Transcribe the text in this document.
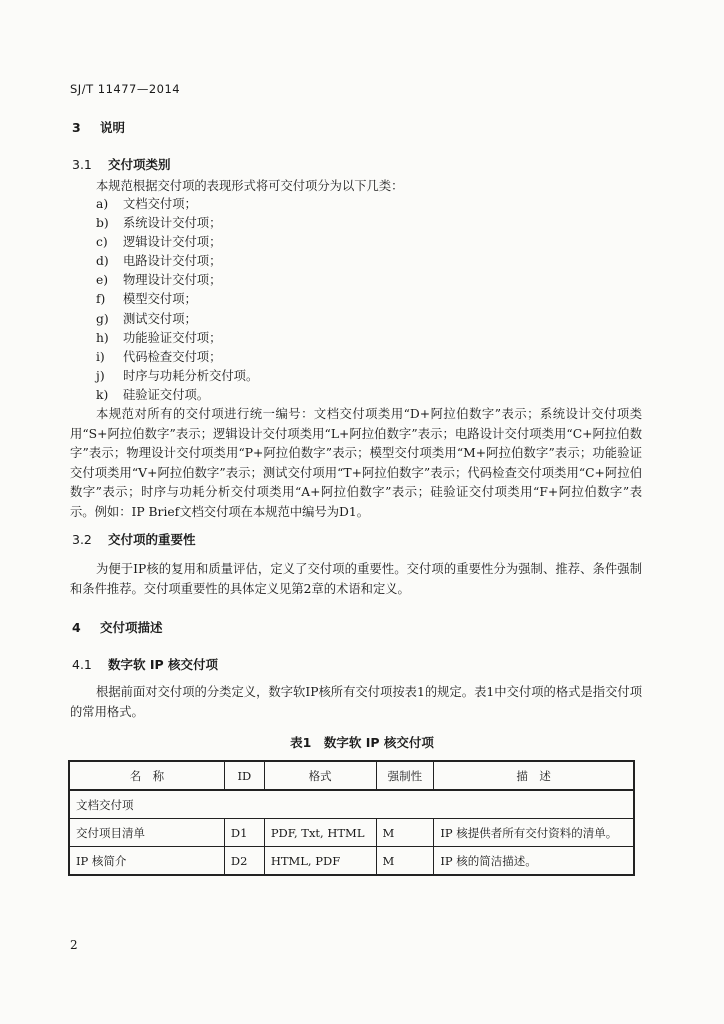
SJ/T 11477—2014
3 说明
3.1 交付项类别
本规范根据交付项的表现形式将可交付项分为以下几类：
a) 文档交付项；
b) 系统设计交付项；
c) 逻辑设计交付项；
d) 电路设计交付项；
e) 物理设计交付项；
f) 模型交付项；
g) 测试交付项；
h) 功能验证交付项；
i) 代码检查交付项；
j) 时序与功耗分析交付项。
k) 硅验证交付项。
本规范对所有的交付项进行统一编号：文档交付项类用“D+阿拉伯数字”表示；系统设计交付项类用“S+阿拉伯数字”表示；逻辑设计交付项类用“L+阿拉伯数字”表示；电路设计交付项类用“C+阿拉伯数字”表示；物理设计交付项类用“P+阿拉伯数字”表示；模型交付项类用“M+阿拉伯数字”表示；功能验证交付项类用“V+阿拉伯数字”表示；测试交付项用“T+阿拉伯数字”表示；代码检查交付项类用“C+阿拉伯数字”表示；时序与功耗分析交付项类用“A+阿拉伯数字”表示；硅验证交付项类用“F+阿拉伯数字”表示。例如：IP Brief文档交付项在本规范中编号为D1。
3.2 交付项的重要性
为便于IP核的复用和质量评估，定义了交付项的重要性。交付项的重要性分为强制、推荐、条件强制和条件推荐。交付项重要性的具体定义见第2章的术语和定义。
4 交付项描述
4.1 数字软 IP 核交付项
根据前面对交付项的分类定义，数字软IP核所有交付项按表1的规定。表1中交付项的格式是指交付项的常用格式。
表1　数字软 IP 核交付项
名　称	ID	格式	强制性	描　述
文档交付项				
交付项目清单	D1	PDF, Txt, HTML	M	IP 核提供者所有交付资料的清单。
IP 核简介	D2	HTML, PDF	M	IP 核的简洁描述。
2
